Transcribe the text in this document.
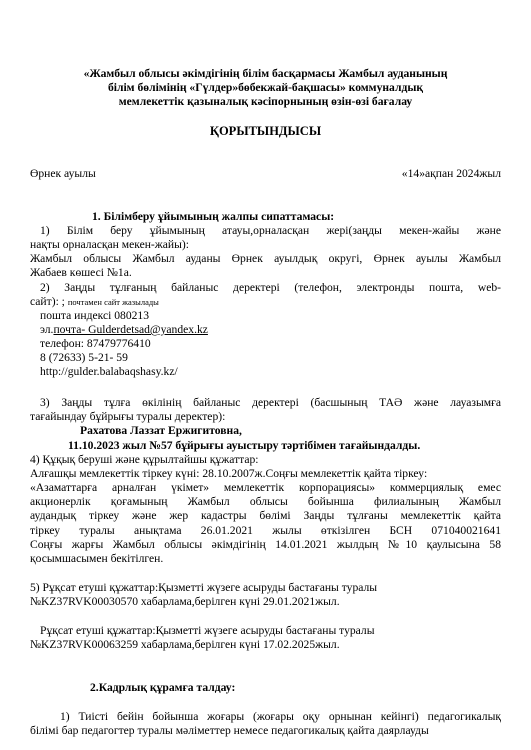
«Жамбыл облысы әкімдігінің білім басқармасы Жамбыл ауданының
білім бөлімінің «Гүлдер»бөбекжай-бақшасы» коммуналдық
мемлекеттік қазыналық кәсіпорнының өзін-өзі бағалау
ҚОРЫТЫНДЫСЫ
Өрнек ауылы	«14»ақпан 2024жыл
1. Білімберу ұйымының жалпы сипаттамасы:
1) Білім беру ұйымының атауы,орналасқан жері(заңды мекен-жайы және
нақты орналасқан мекен-жайы):
Жамбыл облысы Жамбыл ауданы Өрнек ауылдық округі, Өрнек ауылы Жамбыл
Жабаев көшесі №1а.
2) Заңды тұлғаның байланыс деректері (телефон, электронды пошта, web-
сайт): ; почтамен сайт жазылады
пошта индексі 080213
эл.почта- Gulderdetsad@yandex.kz
телефон: 87479776410
8 (72633) 5-21- 59
http://gulder.balabaqshasy.kz/
3) Заңды тұлға өкілінің байланыс деректері (басшының ТАӘ және лауазымға
тағайындау бұйрығы туралы деректер):
Рахатова Лаззат Ержигитовна,
11.10.2023 жыл №57 бұйрығы ауыстыру тәртібімен тағайындалды.
4) Құқық беруші және құрылтайшы құжаттар:
Алғашқы мемлекеттік тіркеу күні: 28.10.2007ж.Соңғы мемлекеттік қайта тіркеу:
«Азаматтарға арналған үкімет» мемлекеттік корпорациясы» коммерциялық емес
акционерлік қоғамының Жамбыл облысы бойынша филиалының Жамбыл
аудандық тіркеу және жер кадастры бөлімі Заңды тұлғаны мемлекеттік қайта
тіркеу туралы анықтама 26.01.2021 жылы өткізілген БСН 071040021641
Соңғы жарғы Жамбыл облысы әкімдігінің 14.01.2021 жылдың №10 қаулысына 58
қосымшасымен бекітілген.
5) Рұқсат етуші құжаттар:Қызметті жүзеге асыруды бастағаны туралы
№KZ37RVK00030570 хабарлама,берілген күні 29.01.2021жыл.
Рұқсат етуші құжаттар:Қызметті жүзеге асыруды бастағаны туралы
№KZ37RVK00063259 хабарлама,берілген күні 17.02.2025жыл.
2.Кадрлық құрамға талдау:
1) Тиісті бейін бойынша жоғары (жоғары оқу орнынан кейінгі) педагогикалық
білімі бар педагогтер туралы мәліметтер немесе педагогикалық қайта даярлауды
